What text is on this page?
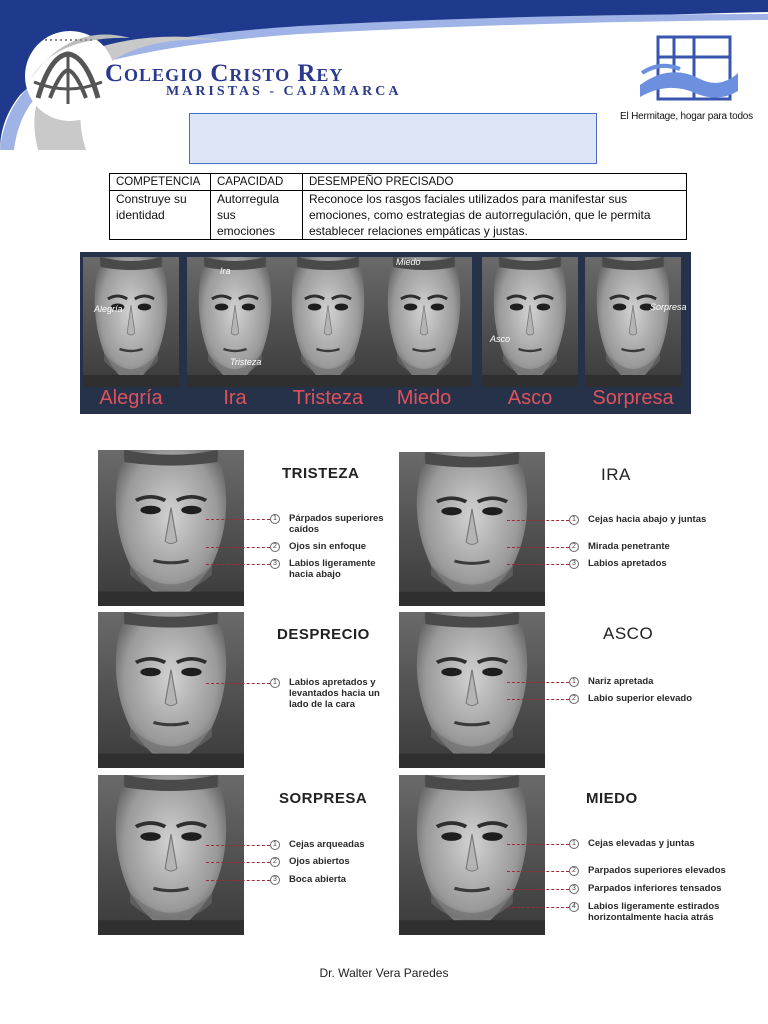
Colegio Cristo Rey
MARISTAS - CAJAMARCA
El Hermitage, hogar para todos
COMPETENCIA	CAPACIDAD	DESEMPEÑO PRECISADO
Construye su identidad	Autorregula sus emociones	Reconoce los rasgos faciales utilizados para manifestar sus emociones, como estrategias de autorregulación, que le permita establecer relaciones empáticas y justas.
Alegría
Alegría
Ira
Ira
Tristeza
Tristeza
Miedo
Miedo
Asco
Asco
Sorpresa
Sorpresa
TRISTEZA
1	Párpados superiores caídos
2	Ojos sin enfoque
3	Labios ligeramente hacia abajo
IRA
1	Cejas hacia abajo y juntas
2	Mirada penetrante
3	Labios apretados
DESPRECIO
1	Labios apretados y levantados hacia un lado de la cara
ASCO
1	Nariz apretada
2	Labio superior elevado
SORPRESA
1	Cejas arqueadas
2	Ojos abiertos
3	Boca abierta
MIEDO
1	Cejas elevadas y juntas
2	Parpados superiores elevados
3	Parpados inferiores tensados
4	Labios ligeramente estirados horizontalmente hacia atrás
Dr. Walter Vera Paredes
